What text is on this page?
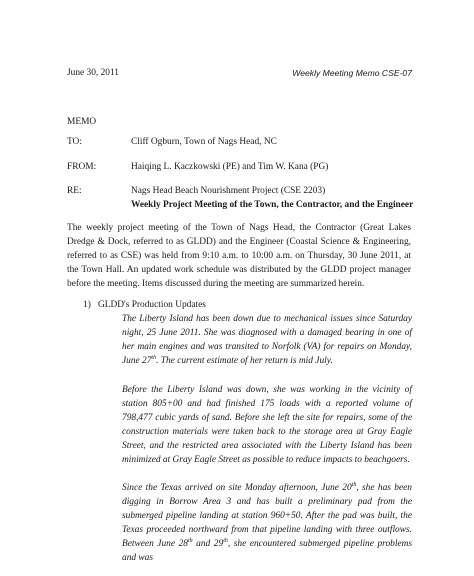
June 30, 2011	Weekly Meeting Memo CSE-07
MEMO
TO:	Cliff Ogburn, Town of Nags Head, NC
FROM:	Haiqing L. Kaczkowski (PE) and Tim W. Kana (PG)
RE:	Nags Head Beach Nourishment Project (CSE 2203)
Weekly Project Meeting of the Town, the Contractor, and the Engineer

The weekly project meeting of the Town of Nags Head, the Contractor (Great Lakes Dredge & Dock, referred to as GLDD) and the Engineer (Coastal Science & Engineering, referred to as CSE) was held from 9:10 a.m. to 10:00 a.m. on Thursday, 30 June 2011, at the Town Hall. An updated work schedule was distributed by the GLDD project manager before the meeting. Items discussed during the meeting are summarized herein.

1) GLDD's Production Updates

The Liberty Island has been down due to mechanical issues since Saturday night, 25 June 2011. She was diagnosed with a damaged bearing in one of her main engines and was transited to Norfolk (VA) for repairs on Monday, June 27th. The current estimate of her return is mid July.

Before the Liberty Island was down, she was working in the vicinity of station 805+00 and had finished 175 loads with a reported volume of 798,477 cubic yards of sand. Before she left the site for repairs, some of the construction materials were taken back to the storage area at Gray Eagle Street, and the restricted area associated with the Liberty Island has been minimized at Gray Eagle Street as possible to reduce impacts to beachgoers.

Since the Texas arrived on site Monday afternoon, June 20th, she has been digging in Borrow Area 3 and has built a preliminary pad from the submerged pipeline landing at station 960+50. After the pad was built, the Texas proceeded northward from that pipeline landing with three outflows. Between June 28th and 29th, she encountered submerged pipeline problems and was
